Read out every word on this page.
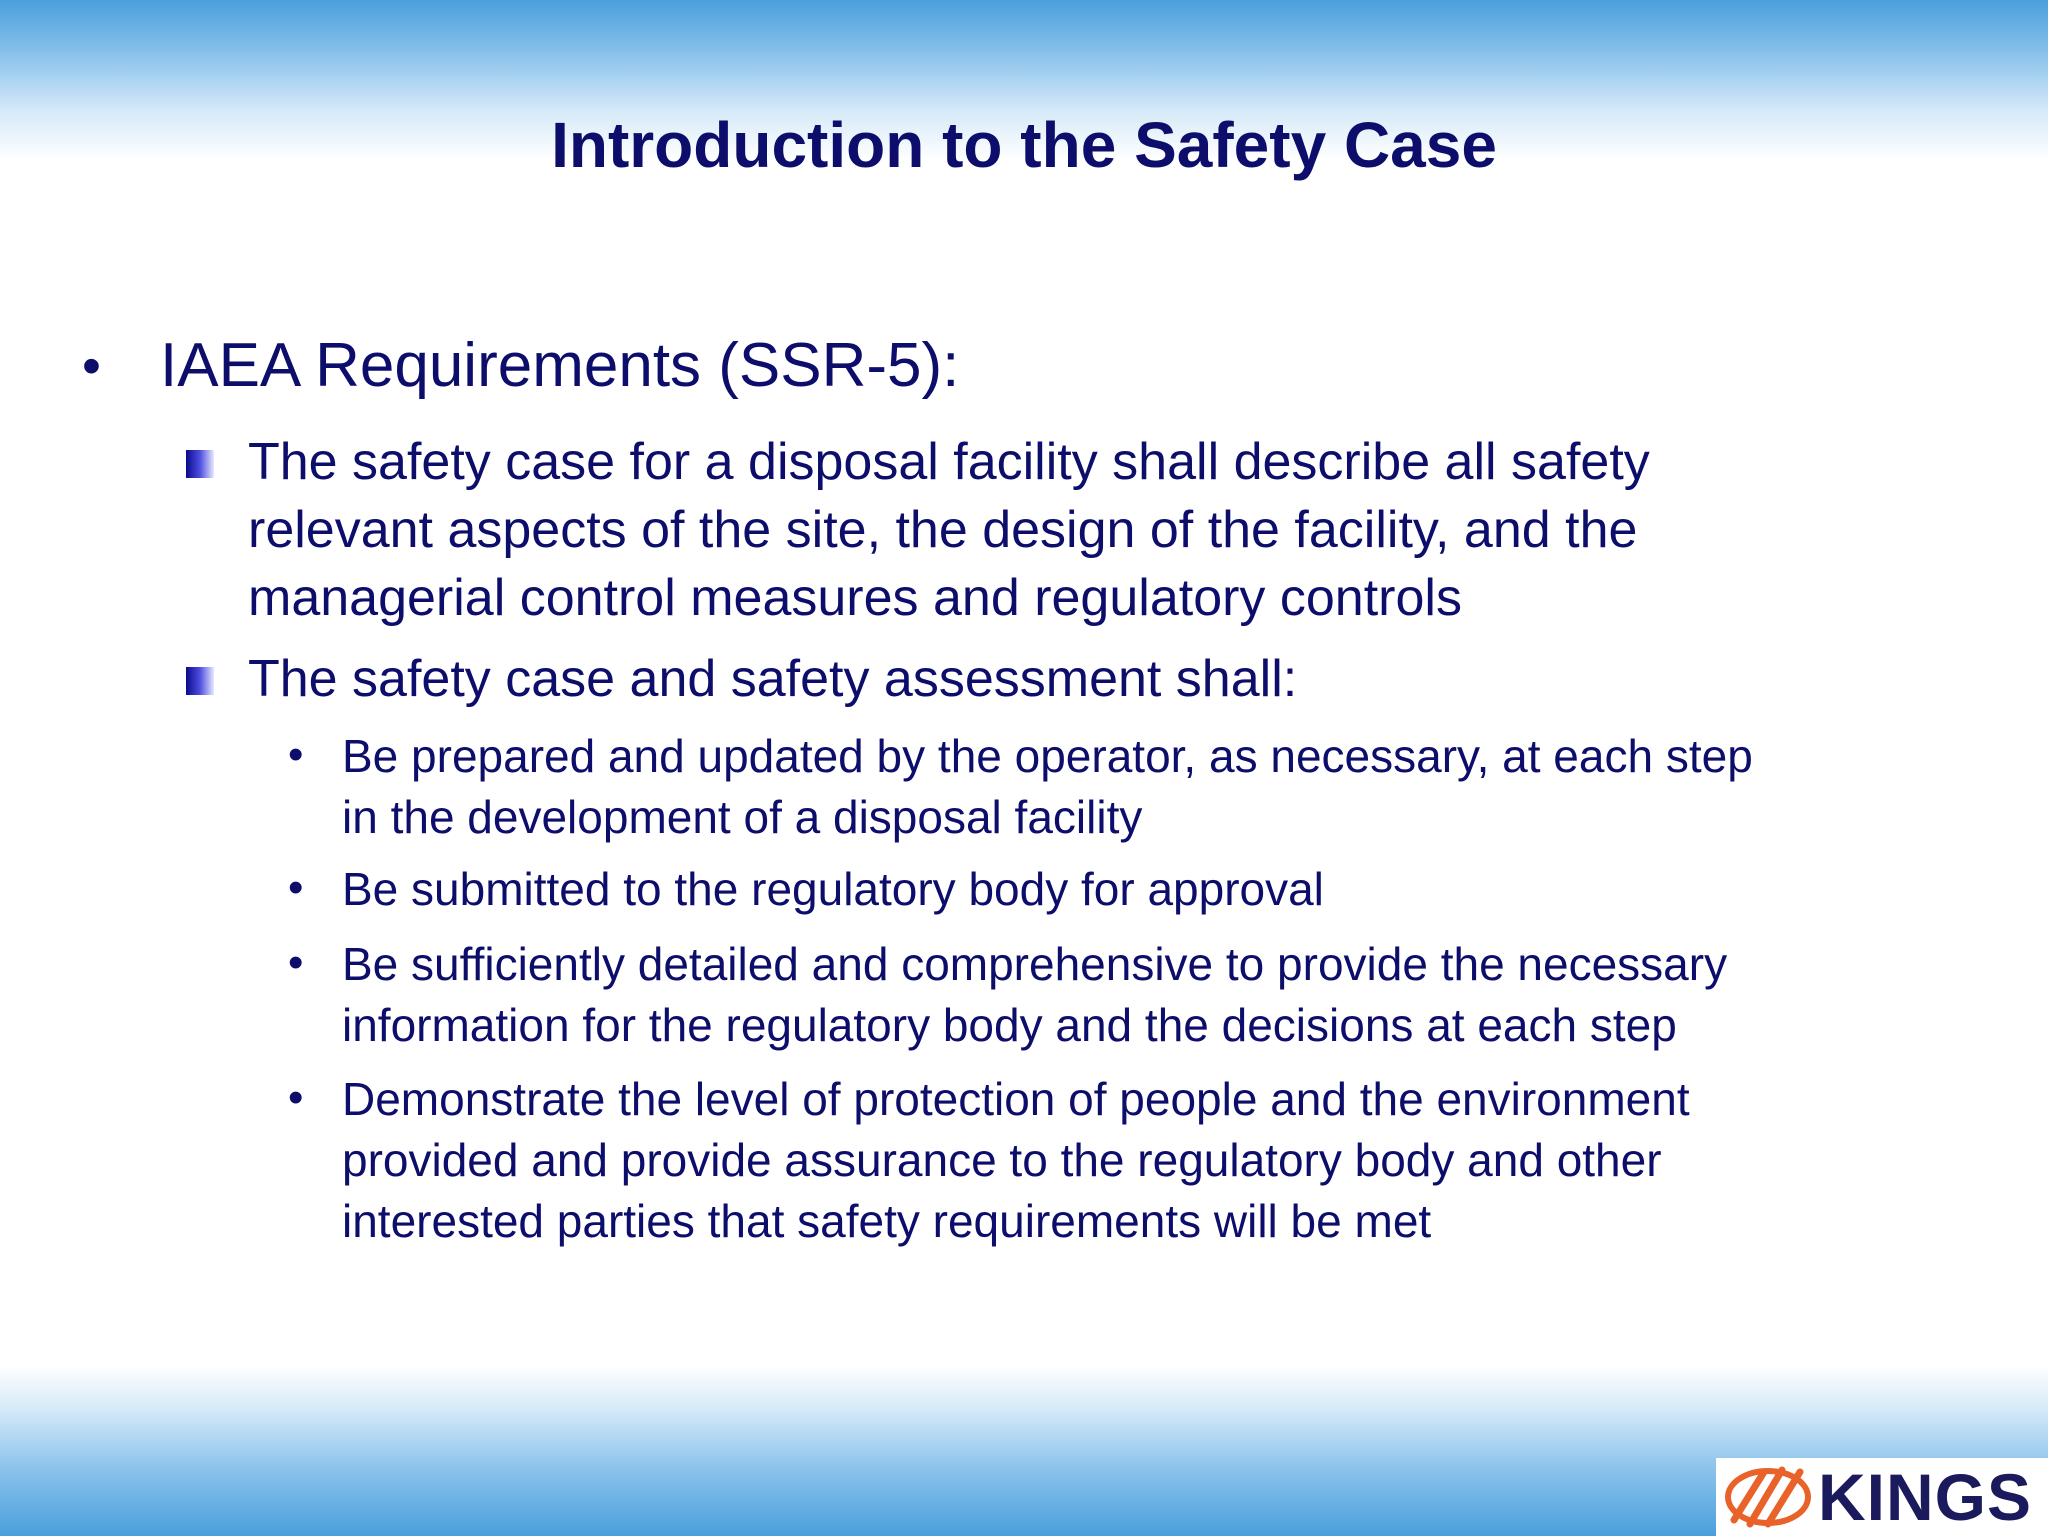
Introduction to the Safety Case
• IAEA Requirements (SSR-5):
The safety case for a disposal facility shall describe all safety
relevant aspects of the site, the design of the facility, and the
managerial control measures and regulatory controls
The safety case and safety assessment shall:
• Be prepared and updated by the operator, as necessary, at each step
in the development of a disposal facility
• Be submitted to the regulatory body for approval
• Be sufficiently detailed and comprehensive to provide the necessary
information for the regulatory body and the decisions at each step
• Demonstrate the level of protection of people and the environment
provided and provide assurance to the regulatory body and other
interested parties that safety requirements will be met
KINGS
